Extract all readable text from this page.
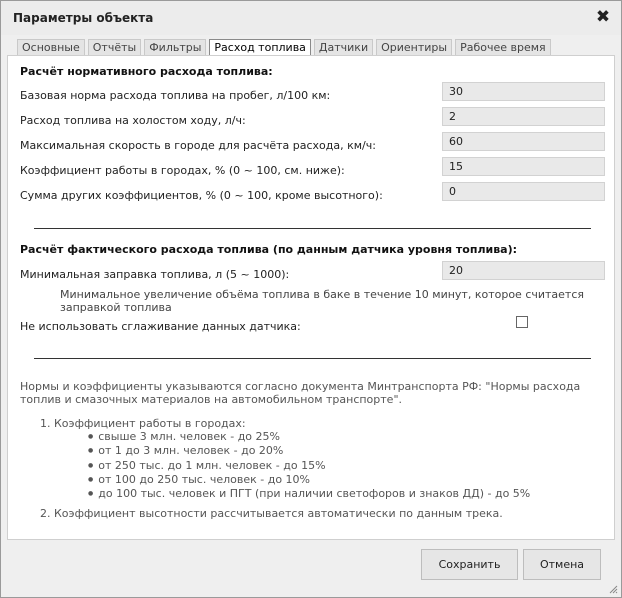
Параметры объекта	✖
Основные	Отчёты	Фильтры	Расход топлива	Датчики	Ориентиры	Рабочее время
Расчёт нормативного расхода топлива:
Базовая норма расхода топлива на пробег, л/100 км:
30
Расход топлива на холостом ходу, л/ч:
2
Максимальная скорость в городе для расчёта расхода, км/ч:
60
Коэффициент работы в городах, % (0 ~ 100, см. ниже):
15
Сумма других коэффициентов, % (0 ~ 100, кроме высотного):
0
Расчёт фактического расхода топлива (по данным датчика уровня топлива):
Минимальная заправка топлива, л (5 ~ 1000):
20
Минимальное увеличение объёма топлива в баке в течение 10 минут, которое считается заправкой топлива
Не использовать сглаживание данных датчика:
Нормы и коэффициенты указываются согласно документа Минтранспорта РФ: "Нормы расхода топлив и смазочных материалов на автомобильном транспорте".
1. Коэффициент работы в городах:
● свыше 3 млн. человек - до 25%
● от 1 до 3 млн. человек - до 20%
● от 250 тыс. до 1 млн. человек - до 15%
● от 100 до 250 тыс. человек - до 10%
● до 100 тыс. человек и ПГТ (при наличии светофоров и знаков ДД) - до 5%
2. Коэффициент высотности рассчитывается автоматически по данным трека.
Сохранить	Отмена
